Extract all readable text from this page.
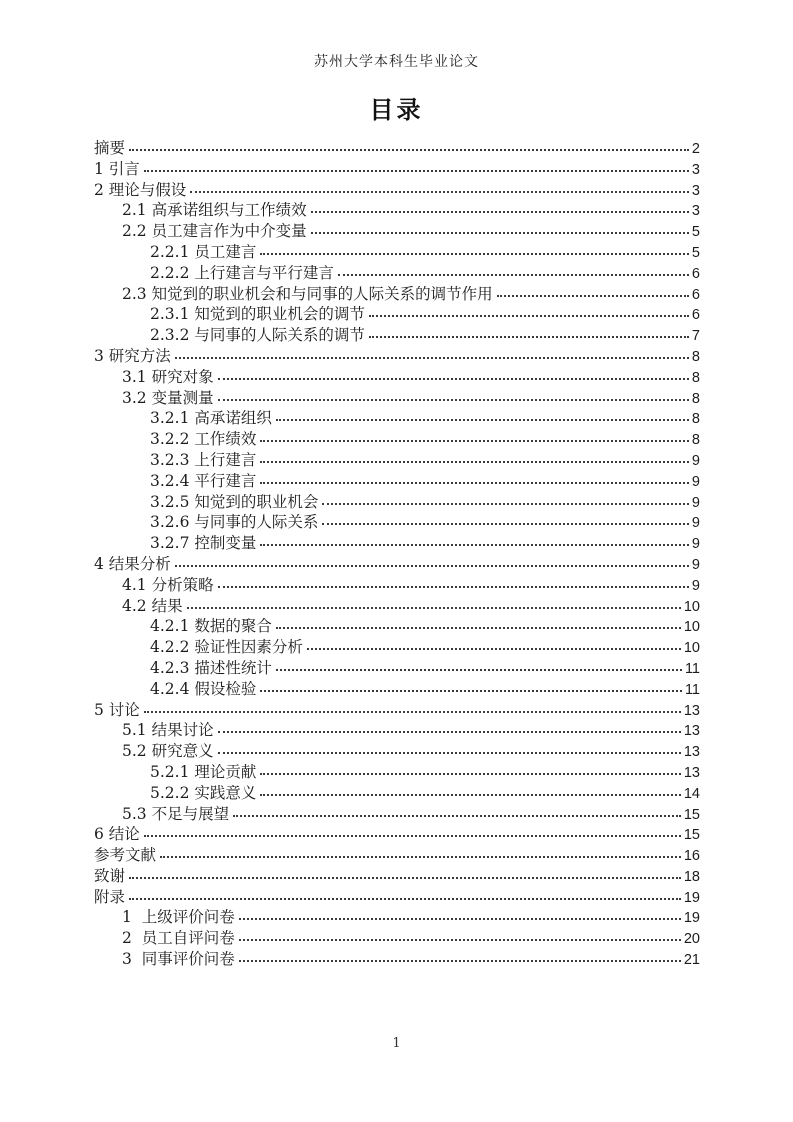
苏州大学本科生毕业论文
目录
摘要	2
1 引言	3
2 理论与假设	3
2.1 高承诺组织与工作绩效	3
2.2 员工建言作为中介变量	5
2.2.1 员工建言	5
2.2.2 上行建言与平行建言	6
2.3 知觉到的职业机会和与同事的人际关系的调节作用	6
2.3.1 知觉到的职业机会的调节	6
2.3.2 与同事的人际关系的调节	7
3 研究方法	8
3.1 研究对象	8
3.2 变量测量	8
3.2.1 高承诺组织	8
3.2.2 工作绩效	8
3.2.3 上行建言	9
3.2.4 平行建言	9
3.2.5 知觉到的职业机会	9
3.2.6 与同事的人际关系	9
3.2.7 控制变量	9
4 结果分析	9
4.1 分析策略	9
4.2 结果	10
4.2.1 数据的聚合	10
4.2.2 验证性因素分析	10
4.2.3 描述性统计	11
4.2.4 假设检验	11
5 讨论	13
5.1 结果讨论	13
5.2 研究意义	13
5.2.1 理论贡献	13
5.2.2 实践意义	14
5.3 不足与展望	15
6 结论	15
参考文献	16
致谢	18
附录	19
1  上级评价问卷	19
2  员工自评问卷	20
3  同事评价问卷	21
1
